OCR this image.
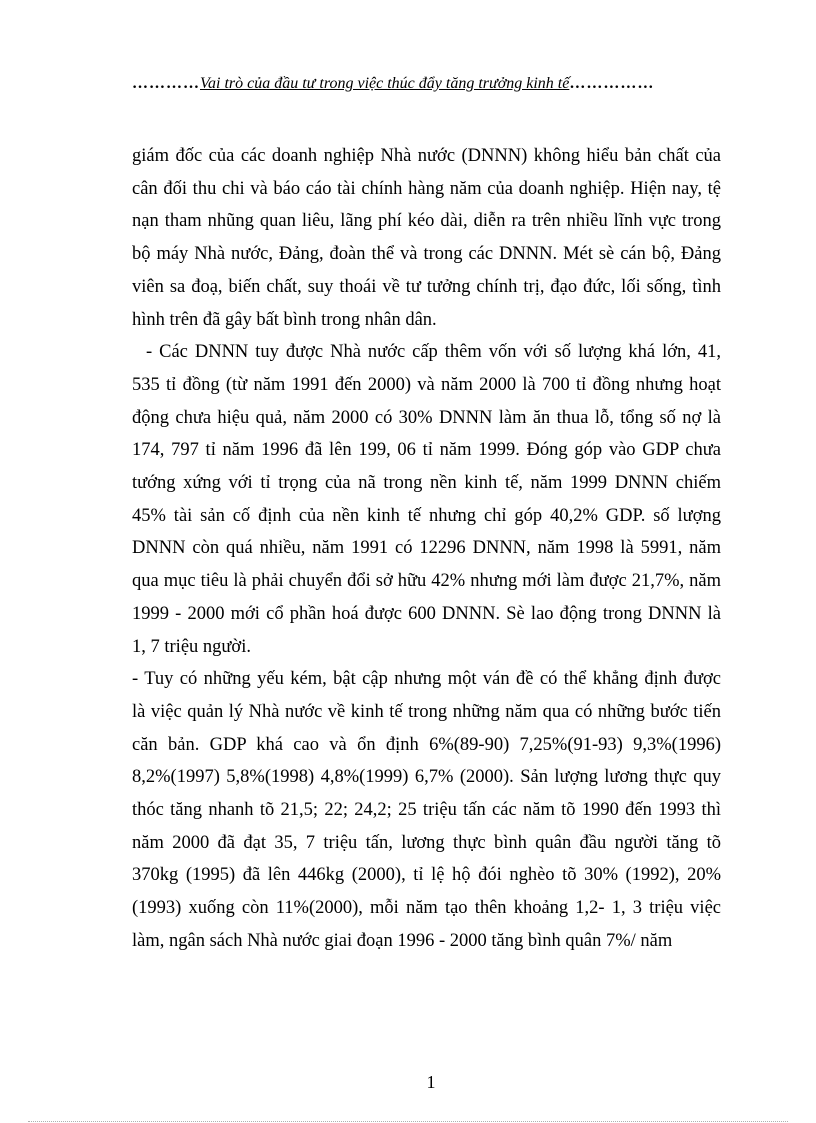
…………Vai trò của đầu tư trong việc thúc đẩy tăng trưởng kinh tế……………
giám đốc của các doanh nghiệp Nhà nước (DNNN) không hiểu bản chất của
cân đối thu chi và báo cáo tài chính hàng năm của doanh nghiệp. Hiện nay, tệ
nạn tham nhũng quan liêu, lãng phí kéo dài, diễn ra trên nhiều lĩnh vực trong
bộ máy Nhà nước, Đảng, đoàn thể và trong các DNNN. Mét sè cán bộ, Đảng
viên sa đoạ, biến chất, suy thoái về tư tưởng chính trị, đạo đức, lối sống, tình
hình trên đã gây bất bình trong nhân dân.
- Các DNNN tuy được Nhà nước cấp thêm vốn với số lượng khá lớn, 41,
535 tỉ đồng (từ năm 1991 đến 2000) và năm 2000 là 700 tỉ đồng nhưng hoạt
động chưa hiệu quả, năm 2000 có 30% DNNN làm ăn thua lỗ, tổng số nợ là
174, 797 tỉ năm 1996 đã lên 199, 06 tỉ năm 1999. Đóng góp vào GDP chưa
tướng xứng với tỉ trọng của nã trong nền kinh tế, năm 1999 DNNN chiếm
45% tài sản cố định của nền kinh tế nhưng chỉ góp 40,2% GDP. số lượng
DNNN còn quá nhiều, năm 1991 có 12296 DNNN, năm 1998 là 5991, năm
qua mục tiêu là phải chuyển đổi sở hữu 42% nhưng mới làm được 21,7%, năm
1999 - 2000 mới cổ phần hoá được 600 DNNN. Sè lao động trong DNNN là
1, 7 triệu người.
- Tuy có những yếu kém, bật cập nhưng một ván đề có thể khẳng định được
là việc quản lý Nhà nước về kinh tế trong những năm qua có những bước tiến
căn bản. GDP khá cao và ổn định 6%(89-90) 7,25%(91-93) 9,3%(1996)
8,2%(1997) 5,8%(1998) 4,8%(1999) 6,7% (2000). Sản lượng lương thực quy
thóc tăng nhanh tõ 21,5; 22; 24,2; 25 triệu tấn các năm tõ 1990 đến 1993 thì
năm 2000 đã đạt 35, 7 triệu tấn, lương thực bình quân đầu người tăng tõ
370kg (1995) đã lên 446kg (2000), tỉ lệ hộ đói nghèo tõ 30% (1992), 20%
(1993) xuống còn 11%(2000), mỗi năm tạo thên khoảng 1,2- 1, 3 triệu việc
làm, ngân sách Nhà nước giai đoạn 1996 - 2000 tăng bình quân 7%/ năm
1
